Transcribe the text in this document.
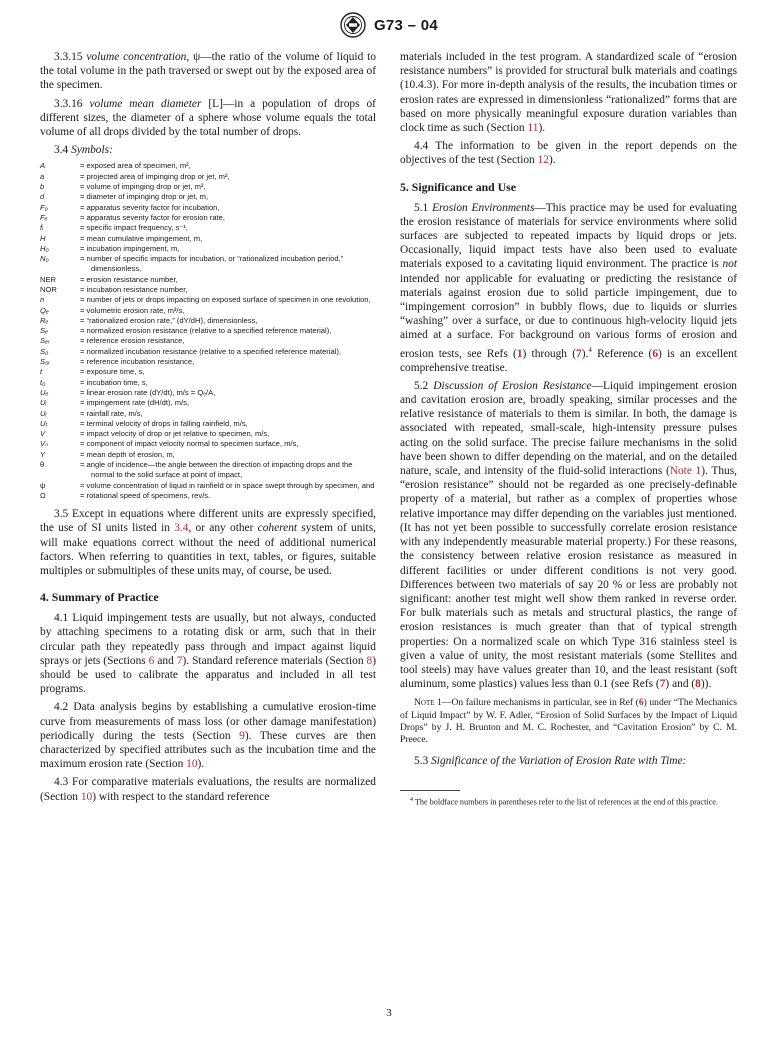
G73 – 04

3.3.15 volume concentration, ψ—the ratio of the volume of liquid to the total volume in the path traversed or swept out by the exposed area of the specimen.

3.3.16 volume mean diameter [L]—in a population of drops of different sizes, the diameter of a sphere whose volume equals the total volume of all drops divided by the total number of drops.

3.4 Symbols:

A	= exposed area of specimen, m²,
a	= projected area of impinging drop or jet, m²,
b	= volume of impinging drop or jet, m³,
d	= diameter of impinging drop or jet, m,
F₀	= apparatus severity factor for incubation,
Fₑ	= apparatus severity factor for erosion rate,
fᵢ	= specific impact frequency, s⁻¹,
H	= mean cumulative impingement, m,
H₀	= incubation impingement, m,
N₀	= number of specific impacts for incubation, or “rationalized incubation period,” dimensionless,
NER	= erosion resistance number,
NOR	= incubation resistance number,
n	= number of jets or drops impacting on exposed surface of specimen in one revolution,
Qₑ	= volumetric erosion rate, m³/s,
Rₑ	= “rationalized erosion rate,” (dY/dH), dimensionless,
Sₑ	= normalized erosion resistance (relative to a specified reference material),
Sₑᵣ	= reference erosion resistance,
S₀	= normalized incubation resistance (relative to a specified reference material),
S₀ᵣ	= reference incubation resistance,
t	= exposure time, s,
t₀	= incubation time, s,
Uₑ	= linear erosion rate (dY/dt), m/s = Qₑ/A,
Uᵢ	= impingement rate (dH/dt), m/s,
Uᵣ	= rainfall rate, m/s,
Uₜ	= terminal velocity of drops in falling rainfield, m/s,
V	= impact velocity of drop or jet relative to specimen, m/s,
Vₙ	= component of impact velocity normal to specimen surface, m/s,
Y	= mean depth of erosion, m,
θ	= angle of incidence—the angle between the direction of impacting drops and the normal to the solid surface at point of impact,
ψ	= volume concentration of liquid in rainfield or in space swept through by specimen, and
Ω	= rotational speed of specimens, rev/s.

3.5 Except in equations where different units are expressly specified, the use of SI units listed in 3.4, or any other coherent system of units, will make equations correct without the need of additional numerical factors. When referring to quantities in text, tables, or figures, suitable multiples or submultiples of these units may, of course, be used.

4. Summary of Practice

4.1 Liquid impingement tests are usually, but not always, conducted by attaching specimens to a rotating disk or arm, such that in their circular path they repeatedly pass through and impact against liquid sprays or jets (Sections 6 and 7). Standard reference materials (Section 8) should be used to calibrate the apparatus and included in all test programs.

4.2 Data analysis begins by establishing a cumulative erosion-time curve from measurements of mass loss (or other damage manifestation) periodically during the tests (Section 9). These curves are then characterized by specified attributes such as the incubation time and the maximum erosion rate (Section 10).

4.3 For comparative materials evaluations, the results are normalized (Section 10) with respect to the standard reference

materials included in the test program. A standardized scale of “erosion resistance numbers” is provided for structural bulk materials and coatings (10.4.3). For more in-depth analysis of the results, the incubation times or erosion rates are expressed in dimensionless “rationalized” forms that are based on more physically meaningful exposure duration variables than clock time as such (Section 11).

4.4 The information to be given in the report depends on the objectives of the test (Section 12).

5. Significance and Use

5.1 Erosion Environments—This practice may be used for evaluating the erosion resistance of materials for service environments where solid surfaces are subjected to repeated impacts by liquid drops or jets. Occasionally, liquid impact tests have also been used to evaluate materials exposed to a cavitating liquid environment. The practice is not intended nor applicable for evaluating or predicting the resistance of materials against erosion due to solid particle impingement, due to “impingement corrosion” in bubbly flows, due to liquids or slurries “washing” over a surface, or due to continuous high-velocity liquid jets aimed at a surface. For background on various forms of erosion and erosion tests, see Refs (1) through (7).$^4$ Reference (6) is an excellent comprehensive treatise.

5.2 Discussion of Erosion Resistance—Liquid impingement erosion and cavitation erosion are, broadly speaking, similar processes and the relative resistance of materials to them is similar. In both, the damage is associated with repeated, small-scale, high-intensity pressure pulses acting on the solid surface. The precise failure mechanisms in the solid have been shown to differ depending on the material, and on the detailed nature, scale, and intensity of the fluid-solid interactions (Note 1). Thus, “erosion resistance” should not be regarded as one precisely-definable property of a material, but rather as a complex of properties whose relative importance may differ depending on the variables just mentioned. (It has not yet been possible to successfully correlate erosion resistance with any independently measurable material property.) For these reasons, the consistency between relative erosion resistance as measured in different facilities or under different conditions is not very good. Differences between two materials of say 20 % or less are probably not significant: another test might well show them ranked in reverse order. For bulk materials such as metals and structural plastics, the range of erosion resistances is much greater than that of typical strength properties: On a normalized scale on which Type 316 stainless steel is given a value of unity, the most resistant materials (some Stellites and tool steels) may have values greater than 10, and the least resistant (soft aluminum, some plastics) values less than 0.1 (see Refs (7) and (8)).

Note 1—On failure mechanisms in particular, see in Ref (6) under “The Mechanics of Liquid Impact” by W. F. Adler, “Erosion of Solid Surfaces by the Impact of Liquid Drops” by J. H. Brunton and M. C. Rochester, and “Cavitation Erosion” by C. M. Preece.

5.3 Significance of the Variation of Erosion Rate with Time:

$^4$ The boldface numbers in parentheses refer to the list of references at the end of this practice.

3
